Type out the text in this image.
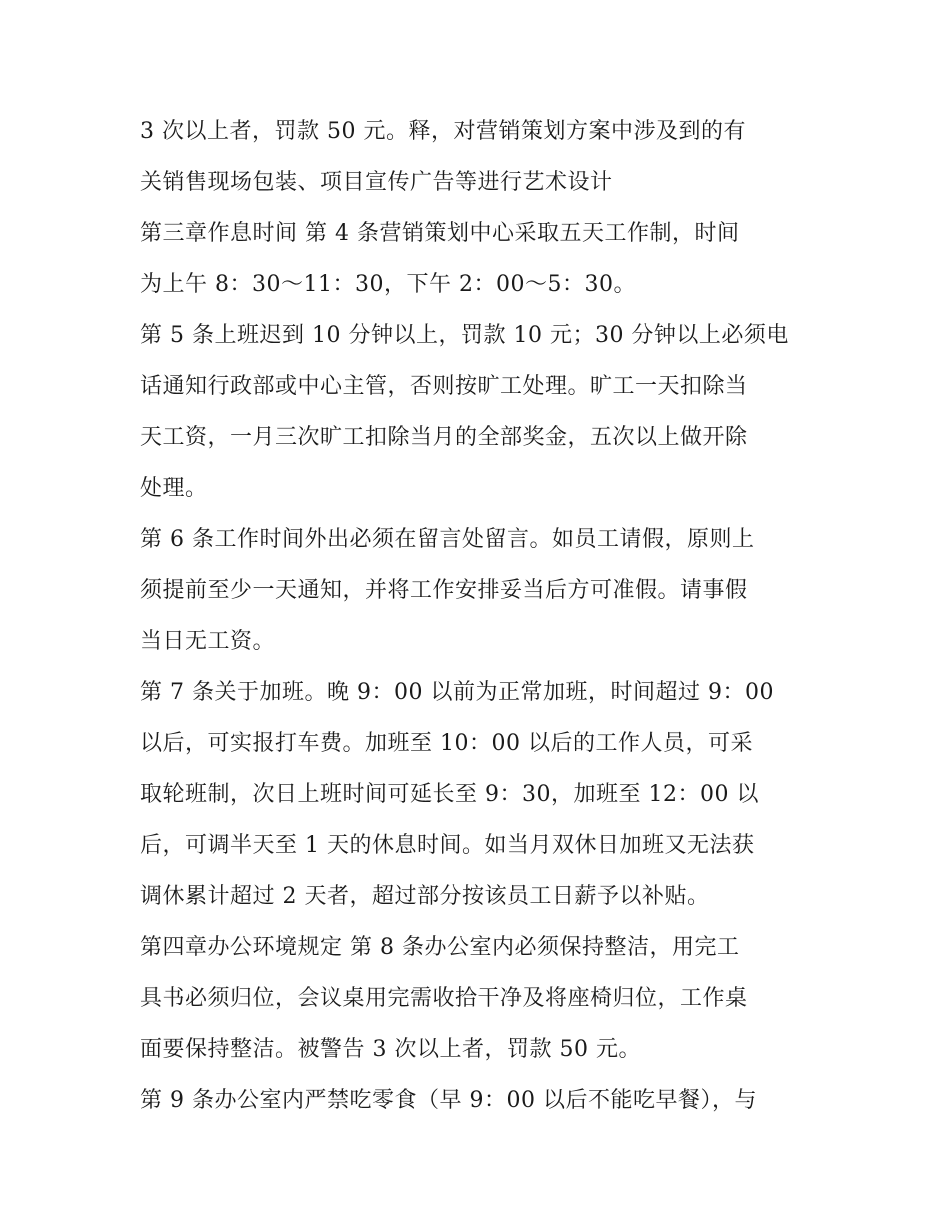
3 次以上者，罚款 50 元。释，对营销策划方案中涉及到的有
关销售现场包装、项目宣传广告等进行艺术设计
第三章作息时间 第 4 条营销策划中心采取五天工作制，时间
为上午 8：30～11：30，下午 2：00～5：30。
第 5 条上班迟到 10 分钟以上，罚款 10 元；30 分钟以上必须电
话通知行政部或中心主管，否则按旷工处理。旷工一天扣除当
天工资，一月三次旷工扣除当月的全部奖金，五次以上做开除
处理。
第 6 条工作时间外出必须在留言处留言。如员工请假，原则上
须提前至少一天通知，并将工作安排妥当后方可准假。请事假
当日无工资。
第 7 条关于加班。晚 9：00 以前为正常加班，时间超过 9：00
以后，可实报打车费。加班至 10：00 以后的工作人员，可采
取轮班制，次日上班时间可延长至 9：30，加班至 12：00 以
后，可调半天至 1 天的休息时间。如当月双休日加班又无法获
调休累计超过 2 天者，超过部分按该员工日薪予以补贴。
第四章办公环境规定 第 8 条办公室内必须保持整洁，用完工
具书必须归位，会议桌用完需收拾干净及将座椅归位，工作桌
面要保持整洁。被警告 3 次以上者，罚款 50 元。
第 9 条办公室内严禁吃零食（早 9：00 以后不能吃早餐），与
